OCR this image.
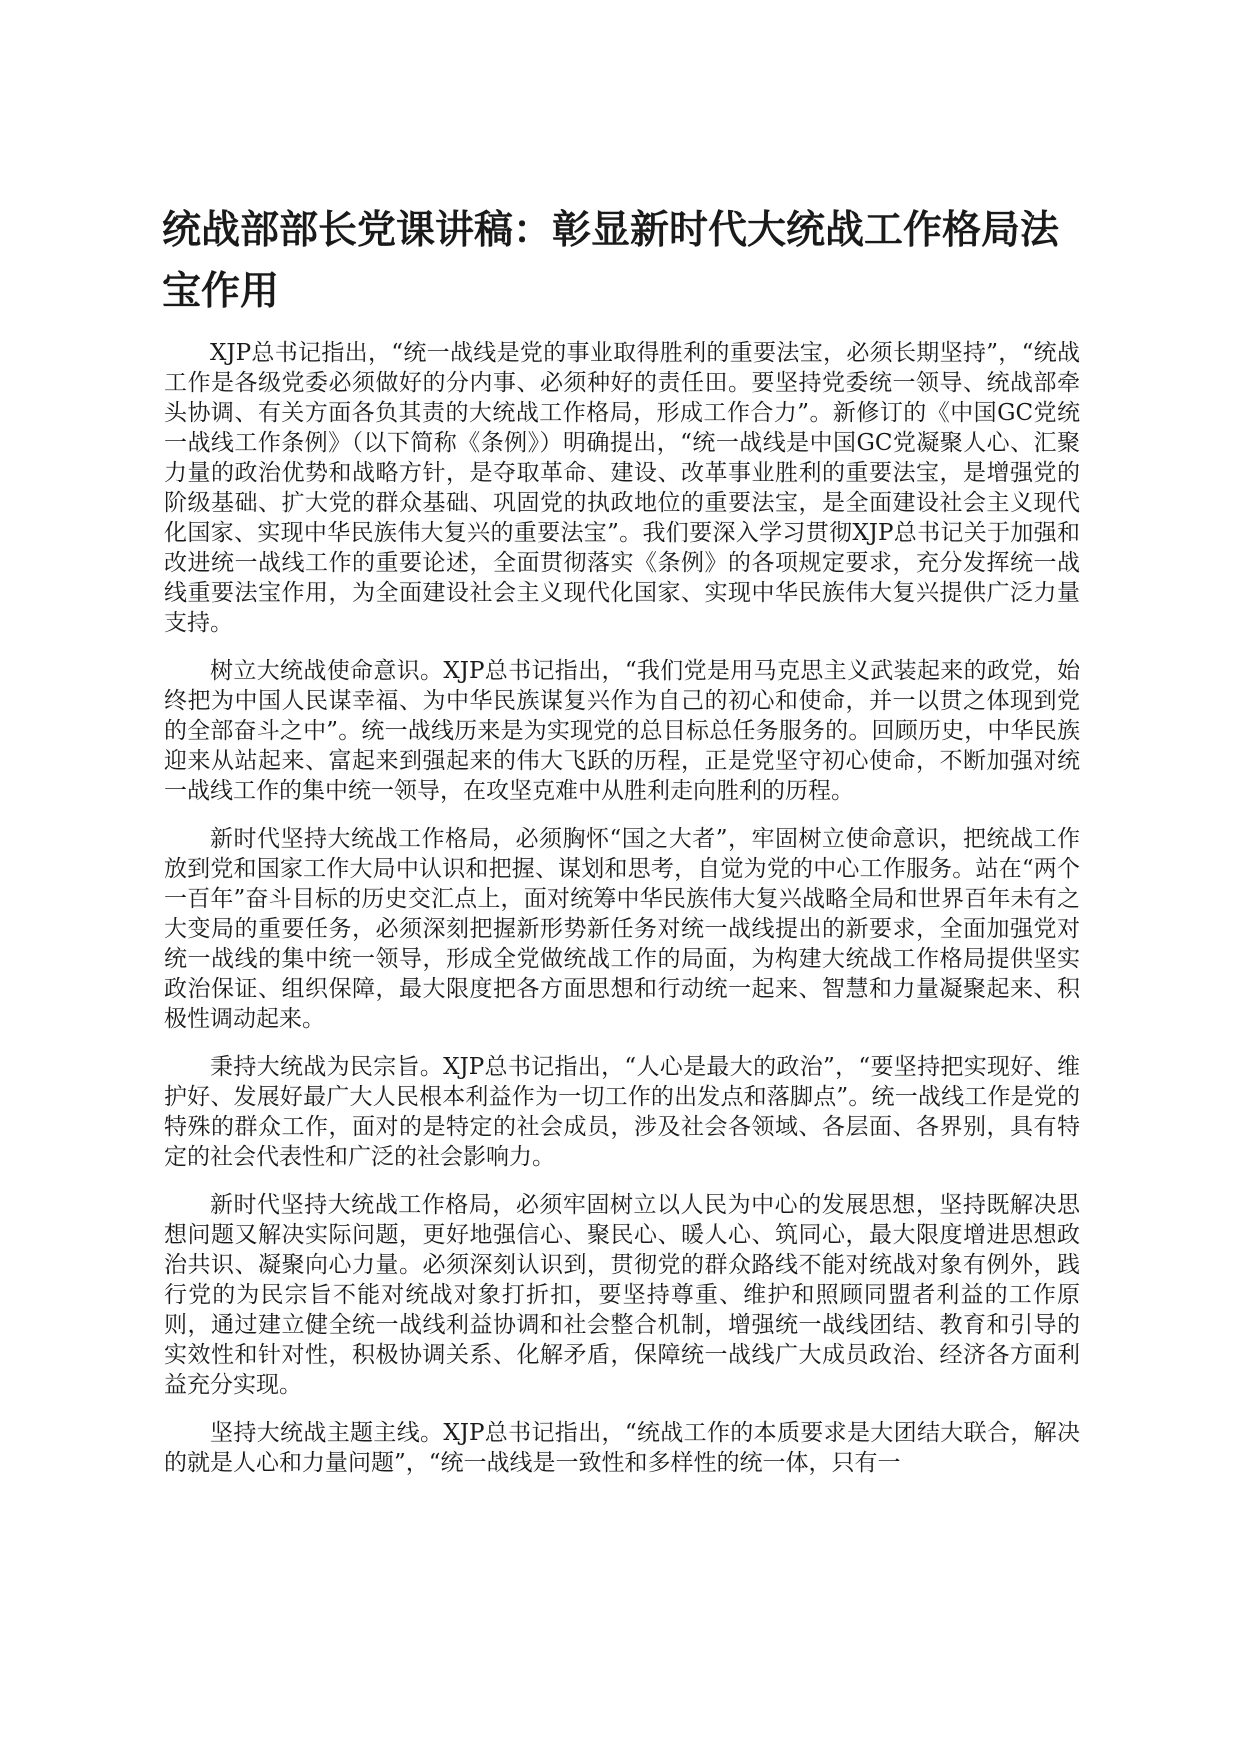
统战部部长党课讲稿：彰显新时代大统战工作格局法宝作用

XJP总书记指出，“统一战线是党的事业取得胜利的重要法宝，必须长期坚持”，“统战工作是各级党委必须做好的分内事、必须种好的责任田。要坚持党委统一领导、统战部牵头协调、有关方面各负其责的大统战工作格局，形成工作合力”。新修订的《中国GC党统一战线工作条例》（以下简称《条例》）明确提出，“统一战线是中国GC党凝聚人心、汇聚力量的政治优势和战略方针，是夺取革命、建设、改革事业胜利的重要法宝，是增强党的阶级基础、扩大党的群众基础、巩固党的执政地位的重要法宝，是全面建设社会主义现代化国家、实现中华民族伟大复兴的重要法宝”。我们要深入学习贯彻XJP总书记关于加强和改进统一战线工作的重要论述，全面贯彻落实《条例》的各项规定要求，充分发挥统一战线重要法宝作用，为全面建设社会主义现代化国家、实现中华民族伟大复兴提供广泛力量支持。

树立大统战使命意识。XJP总书记指出，“我们党是用马克思主义武装起来的政党，始终把为中国人民谋幸福、为中华民族谋复兴作为自己的初心和使命，并一以贯之体现到党的全部奋斗之中”。统一战线历来是为实现党的总目标总任务服务的。回顾历史，中华民族迎来从站起来、富起来到强起来的伟大飞跃的历程，正是党坚守初心使命，不断加强对统一战线工作的集中统一领导，在攻坚克难中从胜利走向胜利的历程。

新时代坚持大统战工作格局，必须胸怀“国之大者”，牢固树立使命意识，把统战工作放到党和国家工作大局中认识和把握、谋划和思考，自觉为党的中心工作服务。站在“两个一百年”奋斗目标的历史交汇点上，面对统筹中华民族伟大复兴战略全局和世界百年未有之大变局的重要任务，必须深刻把握新形势新任务对统一战线提出的新要求，全面加强党对统一战线的集中统一领导，形成全党做统战工作的局面，为构建大统战工作格局提供坚实政治保证、组织保障，最大限度把各方面思想和行动统一起来、智慧和力量凝聚起来、积极性调动起来。

秉持大统战为民宗旨。XJP总书记指出，“人心是最大的政治”，“要坚持把实现好、维护好、发展好最广大人民根本利益作为一切工作的出发点和落脚点”。统一战线工作是党的特殊的群众工作，面对的是特定的社会成员，涉及社会各领域、各层面、各界别，具有特定的社会代表性和广泛的社会影响力。

新时代坚持大统战工作格局，必须牢固树立以人民为中心的发展思想，坚持既解决思想问题又解决实际问题，更好地强信心、聚民心、暖人心、筑同心，最大限度增进思想政治共识、凝聚向心力量。必须深刻认识到，贯彻党的群众路线不能对统战对象有例外，践行党的为民宗旨不能对统战对象打折扣，要坚持尊重、维护和照顾同盟者利益的工作原则，通过建立健全统一战线利益协调和社会整合机制，增强统一战线团结、教育和引导的实效性和针对性，积极协调关系、化解矛盾，保障统一战线广大成员政治、经济各方面利益充分实现。

坚持大统战主题主线。XJP总书记指出，“统战工作的本质要求是大团结大联合，解决的就是人心和力量问题”，“统一战线是一致性和多样性的统一体，只有一
